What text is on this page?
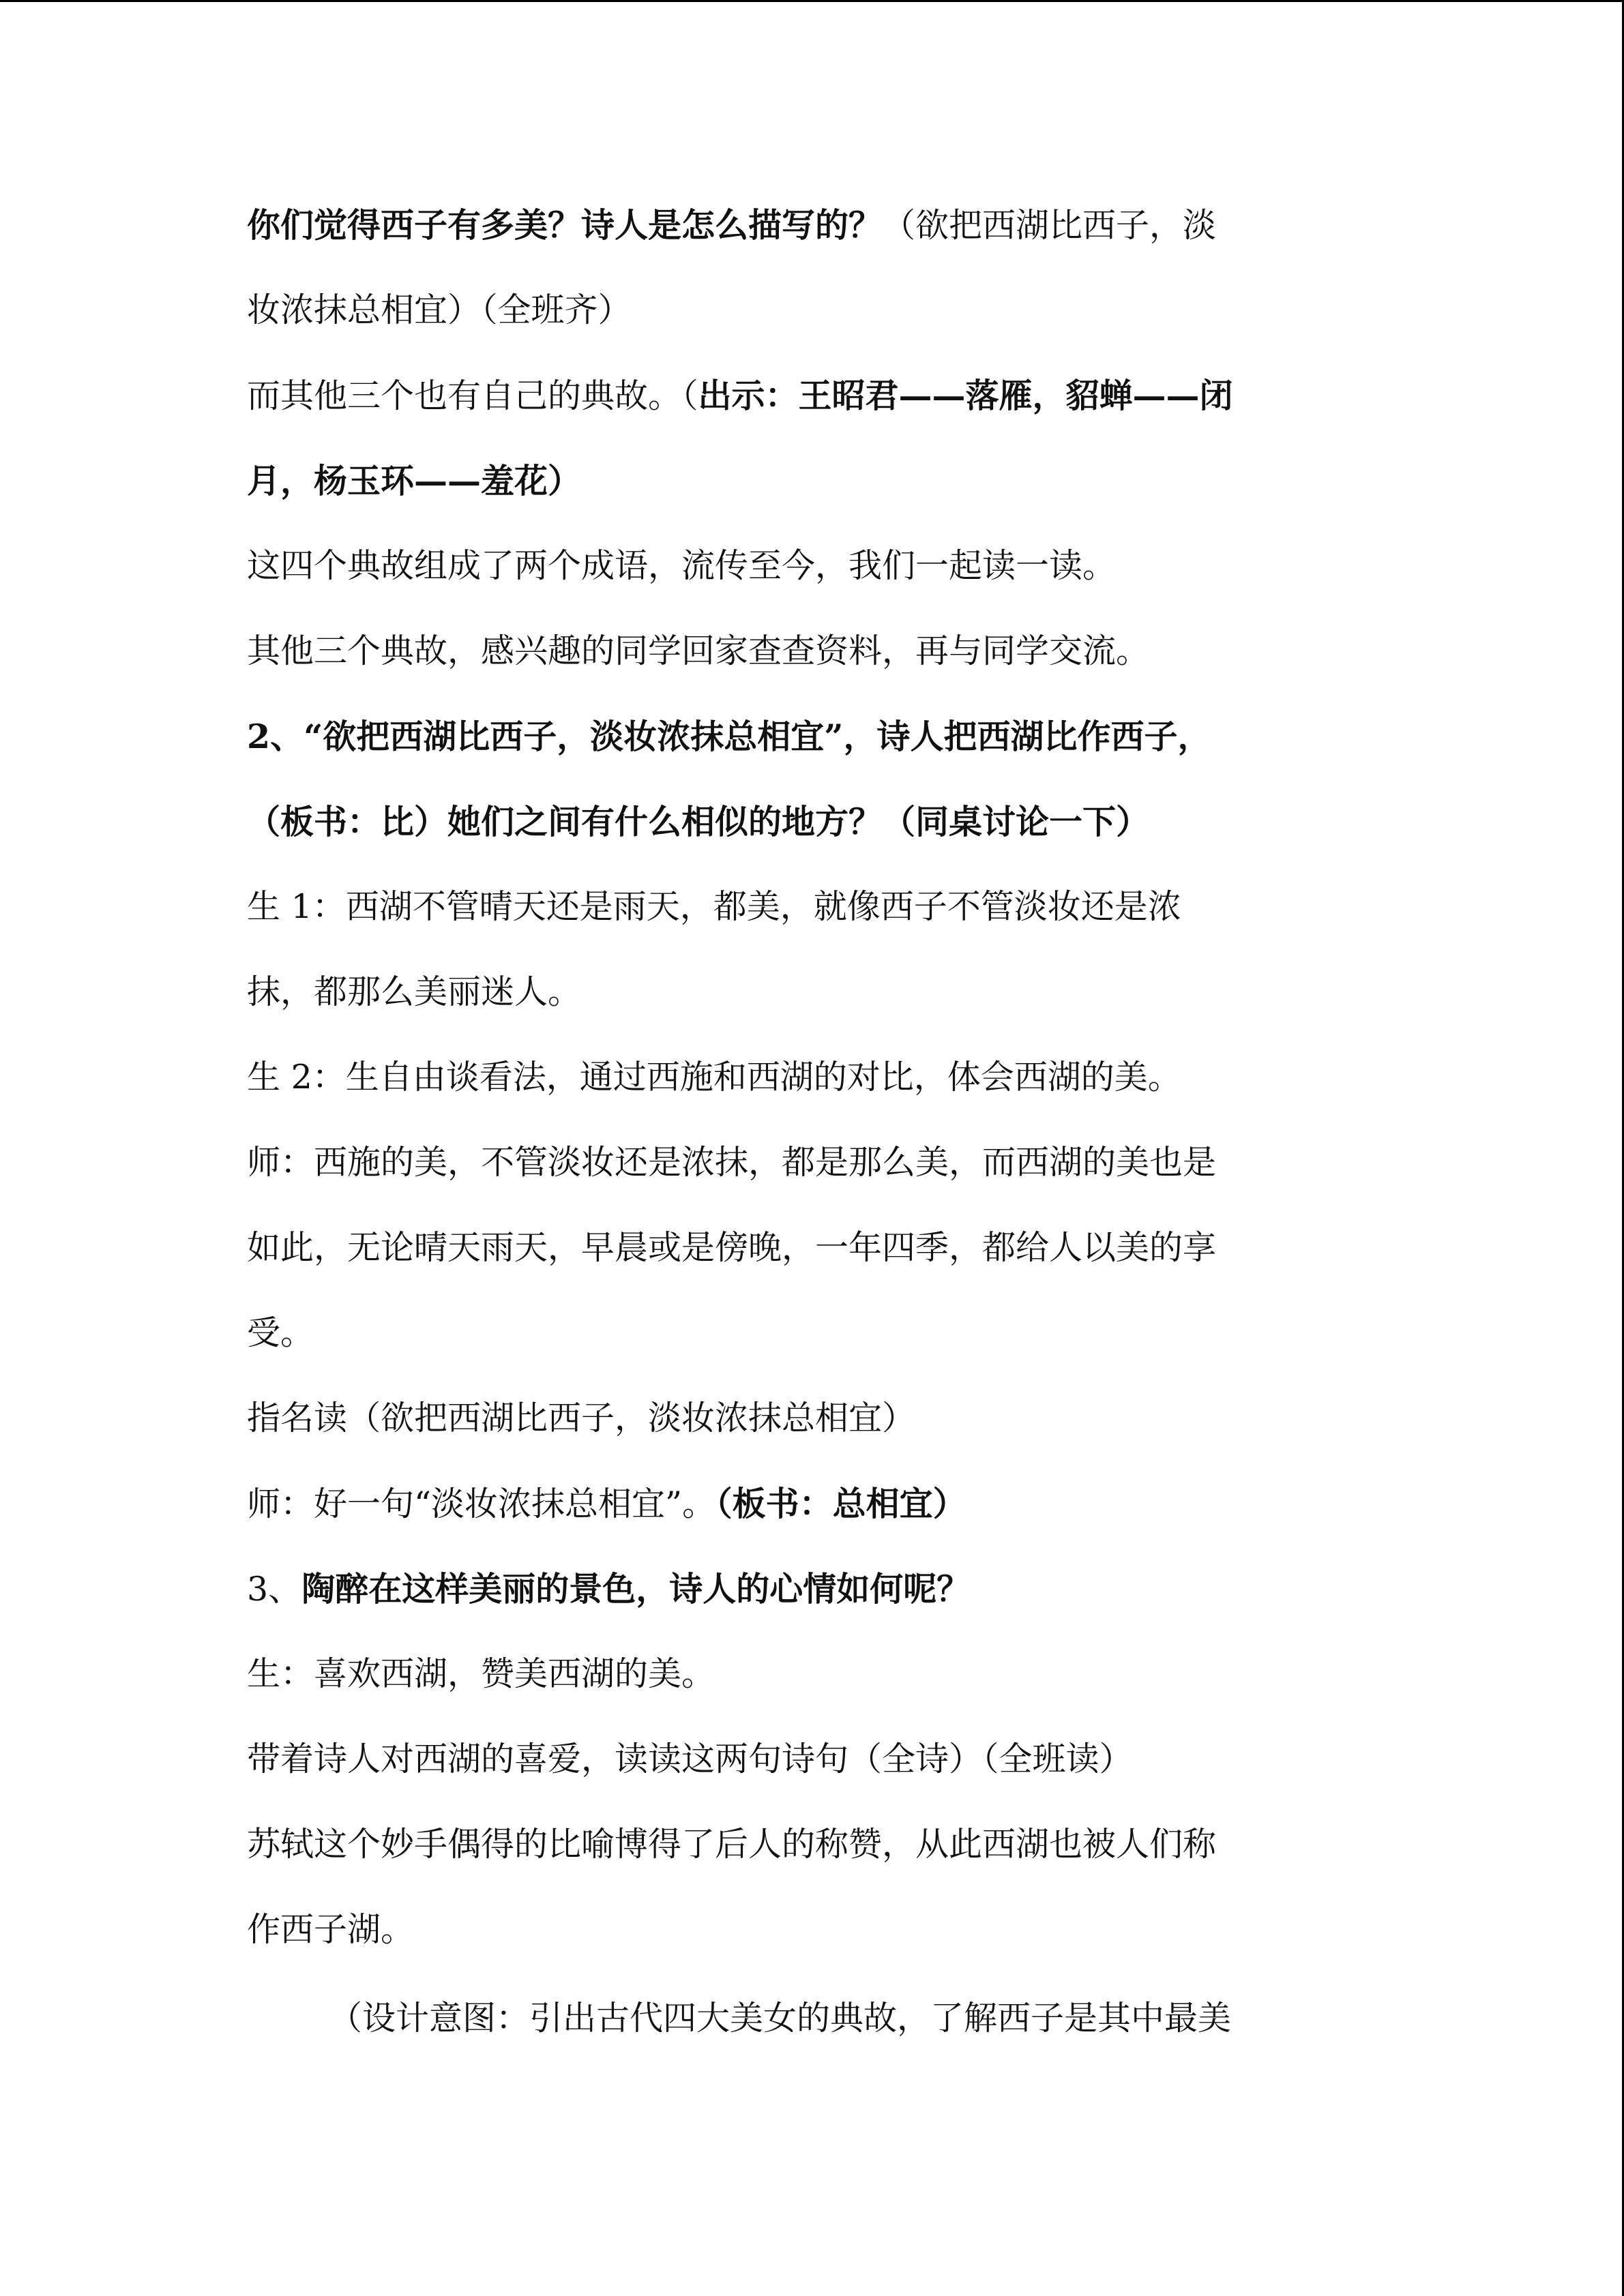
你们觉得西子有多美？诗人是怎么描写的？（欲把西湖比西子，淡
妆浓抹总相宜）（全班齐）
而其他三个也有自己的典故。（出示：王昭君——落雁，貂蝉——闭
月，杨玉环——羞花）
这四个典故组成了两个成语，流传至今，我们一起读一读。
其他三个典故，感兴趣的同学回家查查资料，再与同学交流。
2、“欲把西湖比西子，淡妆浓抹总相宜”，诗人把西湖比作西子，
（板书：比）她们之间有什么相似的地方？（同桌讨论一下）
生 1：西湖不管晴天还是雨天，都美，就像西子不管淡妆还是浓
抹，都那么美丽迷人。
生 2：生自由谈看法，通过西施和西湖的对比，体会西湖的美。
师：西施的美，不管淡妆还是浓抹，都是那么美，而西湖的美也是
如此，无论晴天雨天，早晨或是傍晚，一年四季，都给人以美的享
受。
指名读（欲把西湖比西子，淡妆浓抹总相宜）
师：好一句“淡妆浓抹总相宜”。（板书：总相宜）
3、陶醉在这样美丽的景色，诗人的心情如何呢？
生：喜欢西湖，赞美西湖的美。
带着诗人对西湖的喜爱，读读这两句诗句（全诗）（全班读）
苏轼这个妙手偶得的比喻博得了后人的称赞，从此西湖也被人们称
作西子湖。
（设计意图：引出古代四大美女的典故，了解西子是其中最美
